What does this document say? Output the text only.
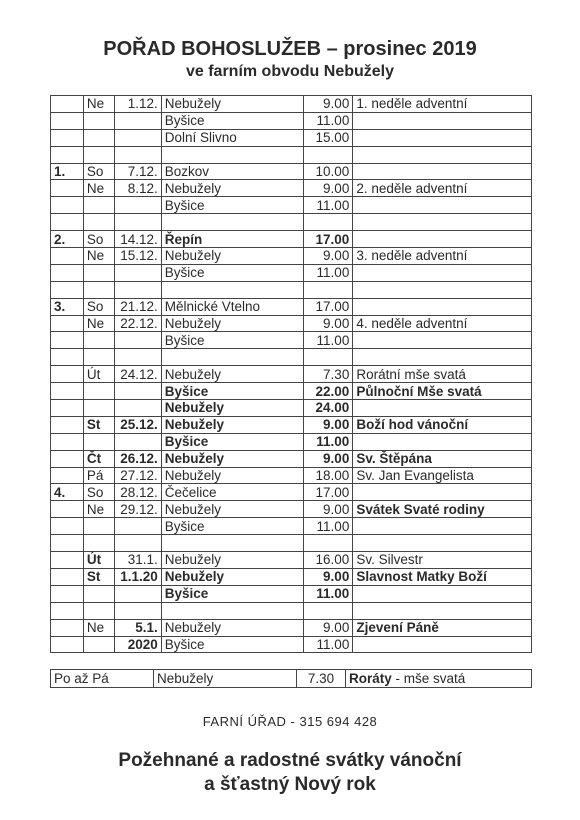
POŘAD BOHOSLUŽEB – prosinec 2019
ve farním obvodu Nebužely
	Ne	1.12.	Nebužely	9.00	1. neděle adventní
			Byšice	11.00	
			Dolní Slivno	15.00	

1.	So	7.12.	Bozkov	10.00	
	Ne	8.12.	Nebužely	9.00	2. neděle adventní
			Byšice	11.00	

2.	So	14.12.	Řepín	17.00	
	Ne	15.12.	Nebužely	9.00	3. neděle adventní
			Byšice	11.00	

3.	So	21.12.	Mělnické Vtelno	17.00	
	Ne	22.12.	Nebužely	9.00	4. neděle adventní
			Byšice	11.00	

	Út	24.12.	Nebužely	7.30	Rorátní mše svatá
			Byšice	22.00	Půlnoční Mše svatá
			Nebužely	24.00	
	St	25.12.	Nebužely	9.00	Boží hod vánoční
			Byšice	11.00	
	Čt	26.12.	Nebužely	9.00	Sv. Štěpána
	Pá	27.12.	Nebužely	18.00	Sv. Jan Evangelista
4.	So	28.12.	Čečelice	17.00	
	Ne	29.12.	Nebužely	9.00	Svátek Svaté rodiny
			Byšice	11.00	

	Út	31.1.	Nebužely	16.00	Sv. Silvestr
	St	1.1.20	Nebužely	9.00	Slavnost Matky Boží
			Byšice	11.00	

	Ne	5.1.	Nebužely	9.00	Zjevení Páně
		2020	Byšice	11.00	
Po až Pá	Nebužely	7.30	Roráty - mše svatá
FARNÍ ÚŘAD - 315 694 428
Požehnané a radostné svátky vánoční
a šťastný Nový rok
